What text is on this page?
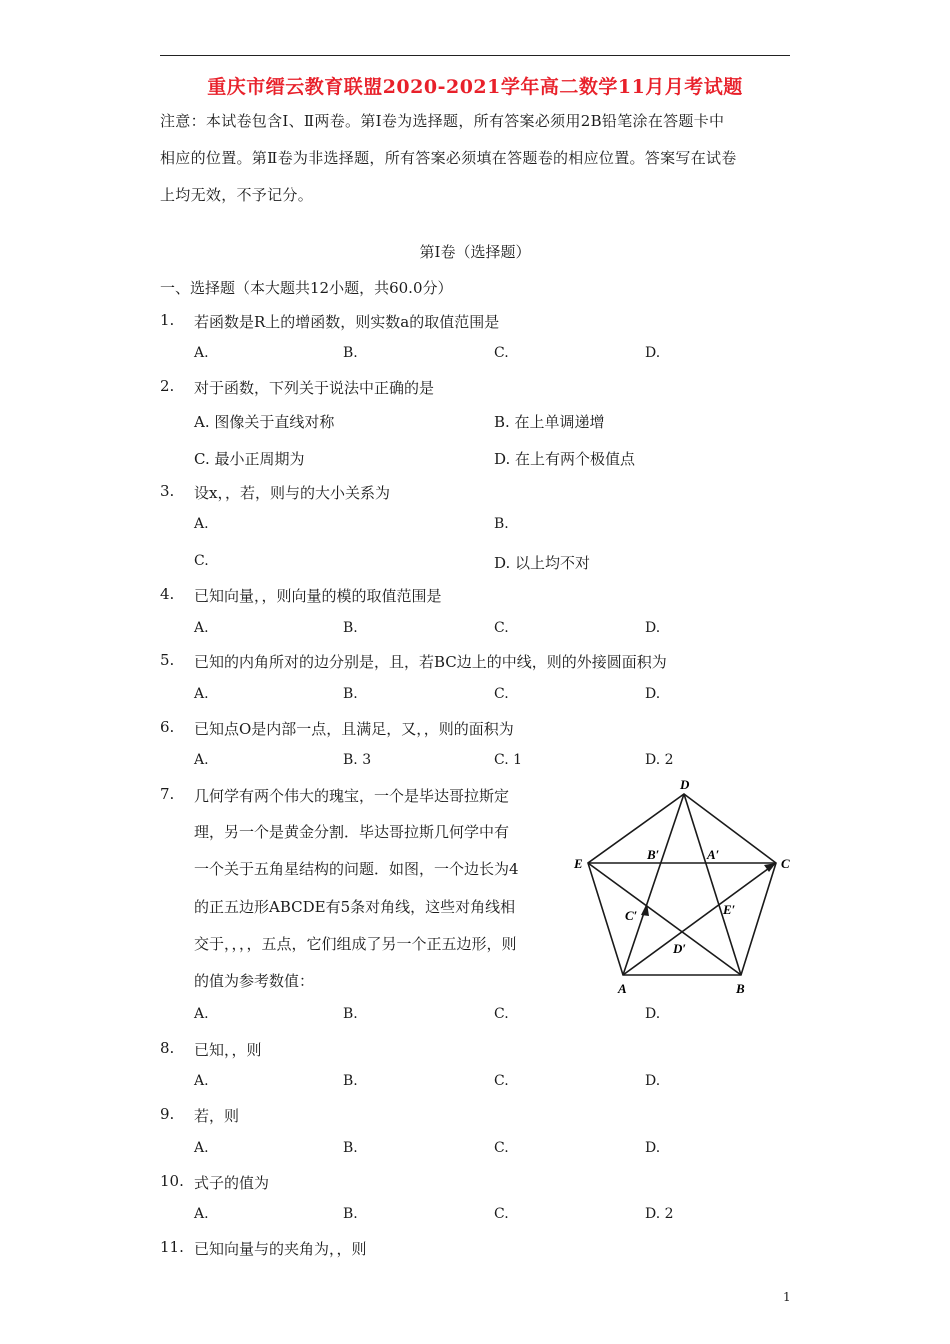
重庆市缙云教育联盟2020-2021学年高二数学11月月考试题

注意：本试卷包含Ⅰ、Ⅱ两卷。第Ⅰ卷为选择题，所有答案必须用2B铅笔涂在答题卡中

相应的位置。第Ⅱ卷为非选择题，所有答案必须填在答题卷的相应位置。答案写在试卷

上均无效，不予记分。

第Ⅰ卷（选择题）
一、选择题（本大题共12小题，共60.0分）
1. 若函数是R上的增函数，则实数a的取值范围是
A.	B.	C.	D.
2. 对于函数，下列关于说法中正确的是
A. 图像关于直线对称	B. 在上单调递增
C. 最小正周期为	D. 在上有两个极值点
3. 设x，，若，则与的大小关系为
A.	B.
C.	D. 以上均不对
4. 已知向量，，则向量的模的取值范围是
A.	B.	C.	D.
5. 已知的内角所对的边分别是，且，若BC边上的中线，则的外接圆面积为
A.	B.	C.	D.
6. 已知点O是内部一点，且满足，又，，则的面积为
A.	B. 3	C. 1	D. 2
7. 几何学有两个伟大的瑰宝，一个是毕达哥拉斯定
理，另一个是黄金分割．毕达哥拉斯几何学中有
一个关于五角星结构的问题．如图，一个边长为4
的正五边形ABCDE有5条对角线，这些对角线相
交于，，，，五点，它们组成了另一个正五边形，则
的值为参考数值：
A.	B.	C.	D.
D
E	C
A	B
B′	A′
C′	E′
D′
8. 已知，，则
A.	B.	C.	D.
9. 若，则
A.	B.	C.	D.
10. 式子的值为
A.	B.	C.	D. 2
11. 已知向量与的夹角为，，则
1
